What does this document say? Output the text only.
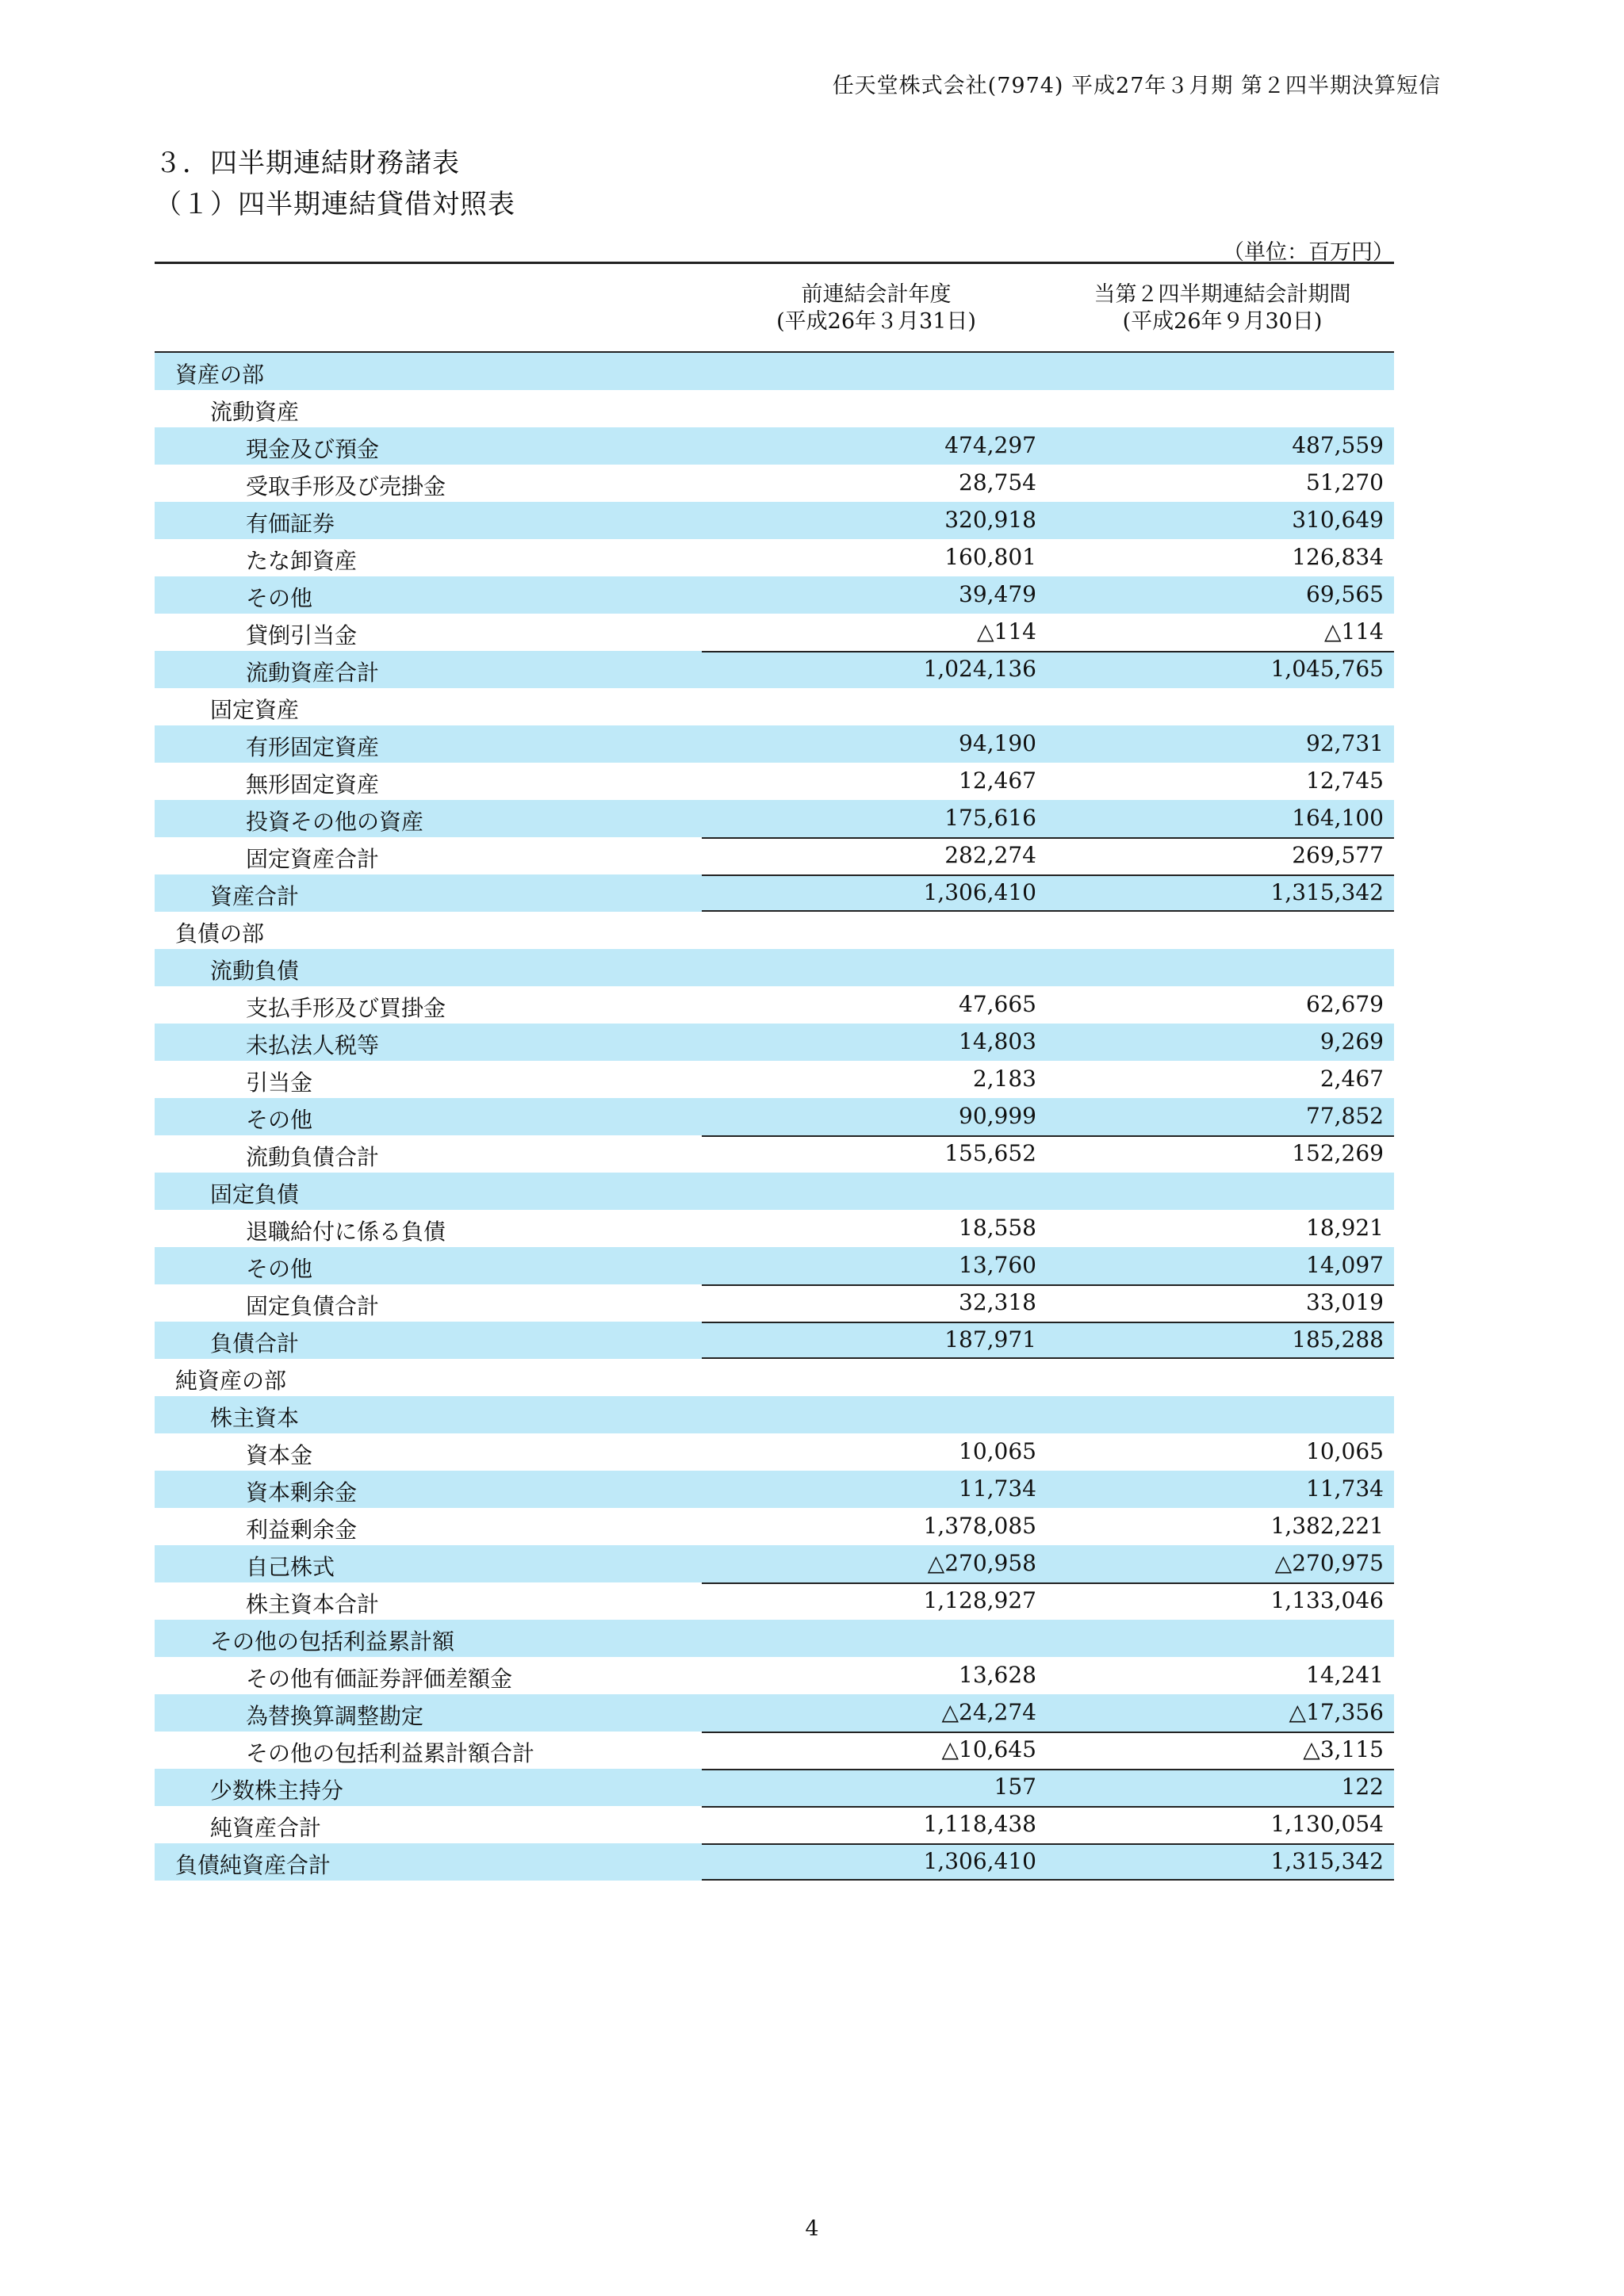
任天堂株式会社(7974) 平成27年３月期 第２四半期決算短信
３．四半期連結財務諸表
（１）四半期連結貸借対照表
（単位：百万円）
前連結会計年度
(平成26年３月31日)
当第２四半期連結会計期間
(平成26年９月30日)
資産の部
流動資産
現金及び預金	474,297	487,559
受取手形及び売掛金	28,754	51,270
有価証券	320,918	310,649
たな卸資産	160,801	126,834
その他	39,479	69,565
貸倒引当金	△114	△114
流動資産合計	1,024,136	1,045,765
固定資産
有形固定資産	94,190	92,731
無形固定資産	12,467	12,745
投資その他の資産	175,616	164,100
固定資産合計	282,274	269,577
資産合計	1,306,410	1,315,342
負債の部
流動負債
支払手形及び買掛金	47,665	62,679
未払法人税等	14,803	9,269
引当金	2,183	2,467
その他	90,999	77,852
流動負債合計	155,652	152,269
固定負債
退職給付に係る負債	18,558	18,921
その他	13,760	14,097
固定負債合計	32,318	33,019
負債合計	187,971	185,288
純資産の部
株主資本
資本金	10,065	10,065
資本剰余金	11,734	11,734
利益剰余金	1,378,085	1,382,221
自己株式	△270,958	△270,975
株主資本合計	1,128,927	1,133,046
その他の包括利益累計額
その他有価証券評価差額金	13,628	14,241
為替換算調整勘定	△24,274	△17,356
その他の包括利益累計額合計	△10,645	△3,115
少数株主持分	157	122
純資産合計	1,118,438	1,130,054
負債純資産合計	1,306,410	1,315,342
4
